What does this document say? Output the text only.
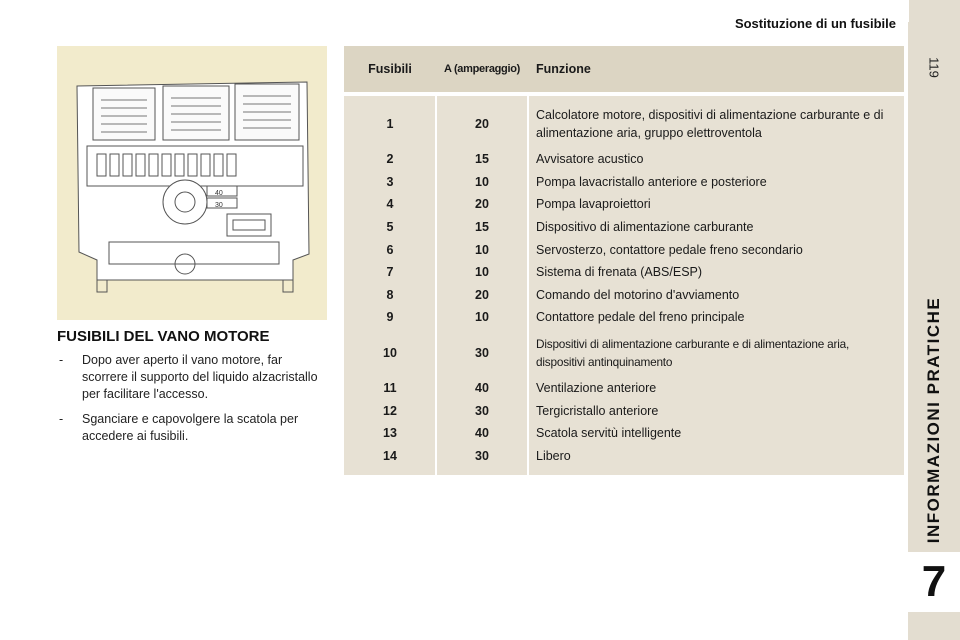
Sostituzione di un fusibile
119
INFORMAZIONI PRATICHE
7
40
30
FUSIBILI DEL VANO MOTORE
- Dopo aver aperto il vano motore, far scorrere il supporto del liquido alzacristallo per facilitare l'accesso.
- Sganciare e capovolgere la scatola per accedere ai fusibili.
Fusibili	A (amperaggio)	Funzione
1	20
Calcolatore motore, dispositivi di alimentazione carburante e di alimentazione aria, gruppo elettroventola
2	15	Avvisatore acustico
3	10	Pompa lavacristallo anteriore e posteriore
4	20	Pompa lavaproiettori
5	15	Dispositivo di alimentazione carburante
6	10	Servosterzo, contattore pedale freno secondario
7	10	Sistema di frenata (ABS/ESP)
8	20	Comando del motorino d'avviamento
9	10	Contattore pedale del freno principale
10	30
Dispositivi di alimentazione carburante e di alimentazione aria, dispositivi antinquinamento
11	40	Ventilazione anteriore
12	30	Tergicristallo anteriore
13	40	Scatola servitù intelligente
14	30	Libero
